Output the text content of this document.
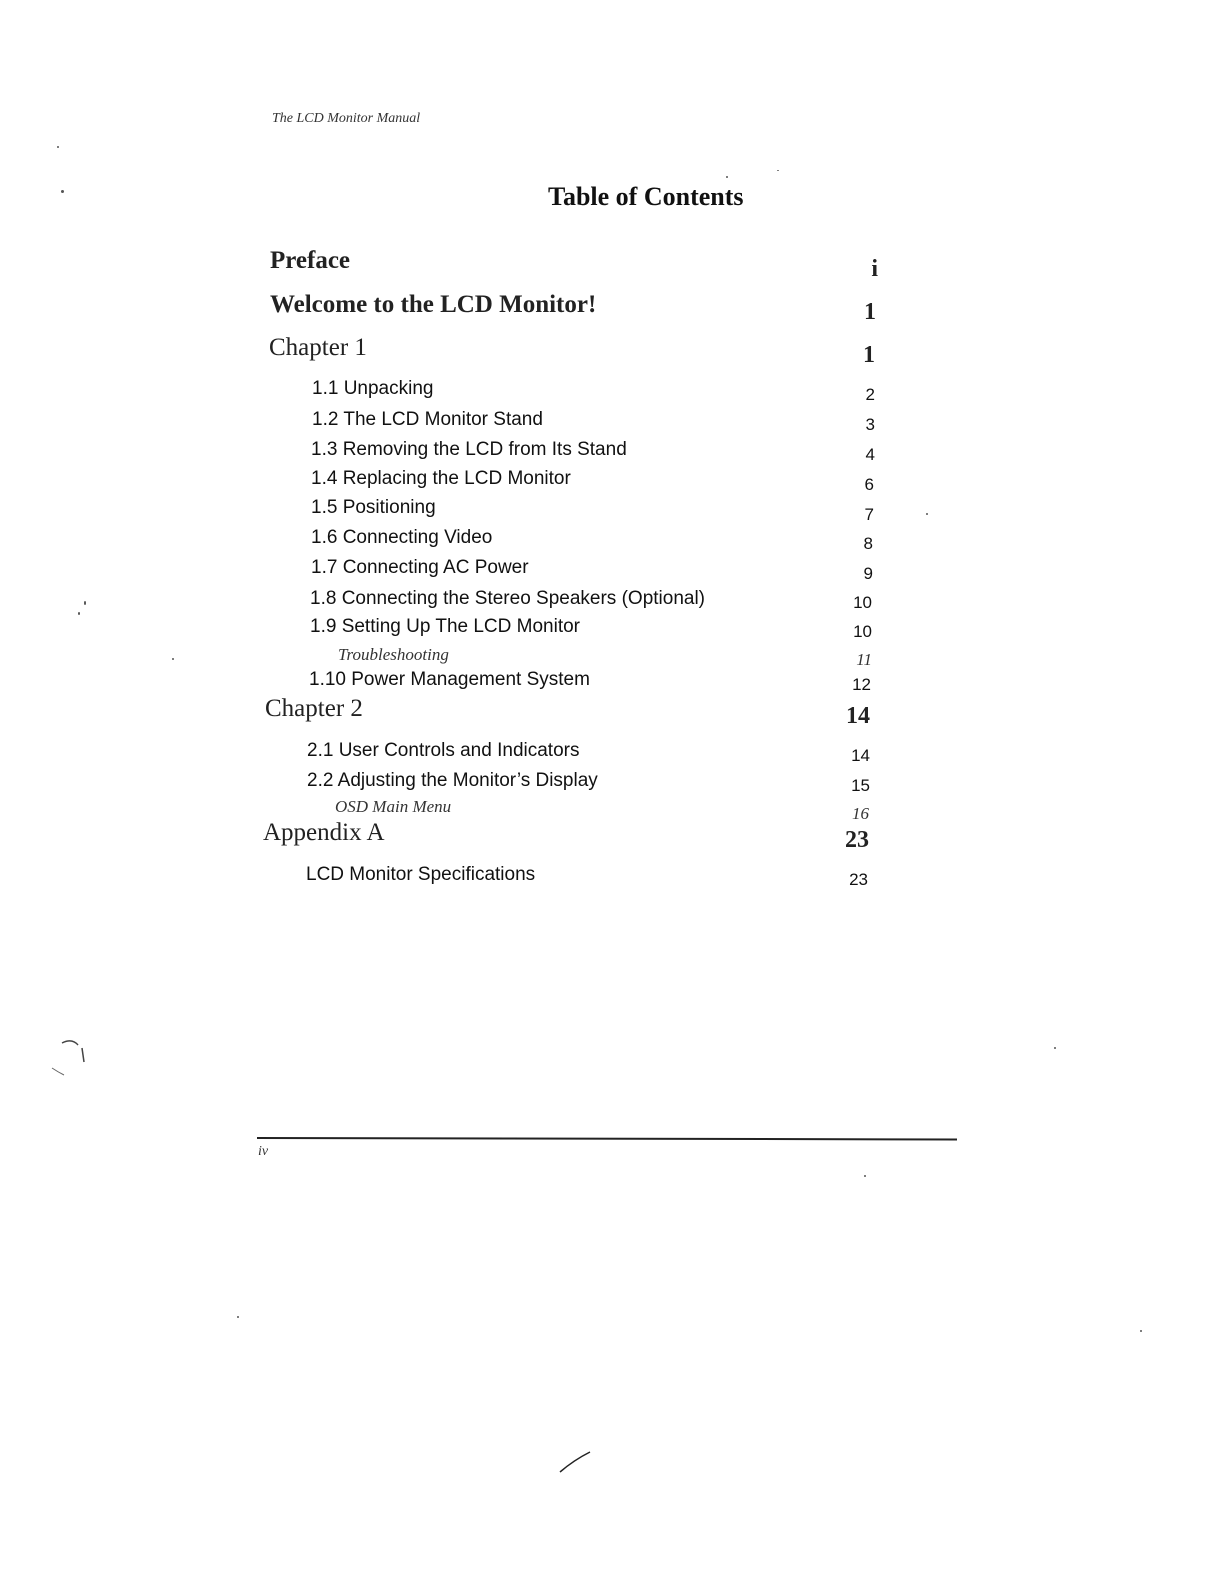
The LCD Monitor Manual
Table of Contents
Preface	i
Welcome to the LCD Monitor!	1
Chapter 1	1
1.1 Unpacking	2
1.2 The LCD Monitor Stand	3
1.3 Removing the LCD from Its Stand	4
1.4 Replacing the LCD Monitor	6
1.5 Positioning	7
1.6 Connecting Video	8
1.7 Connecting AC Power	9
1.8 Connecting the Stereo Speakers (Optional)	10
1.9 Setting Up The LCD Monitor	10
Troubleshooting	11
1.10 Power Management System	12
Chapter 2	14
2.1 User Controls and Indicators	14
2.2 Adjusting the Monitor’s Display	15
OSD Main Menu	16
Appendix A	23
LCD Monitor Specifications	23
iv
